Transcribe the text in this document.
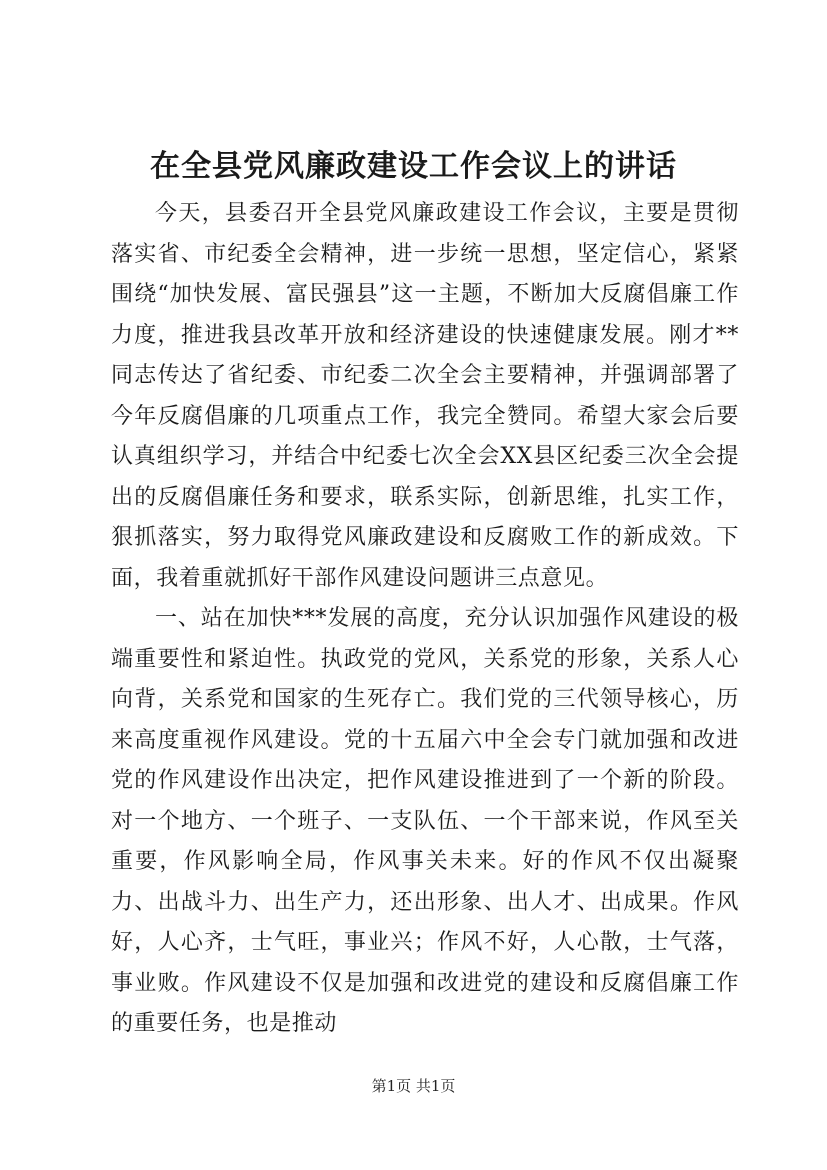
在全县党风廉政建设工作会议上的讲话

今天，县委召开全县党风廉政建设工作会议，主要是贯彻落实省、市纪委全会精神，进一步统一思想，坚定信心，紧紧围绕“加快发展、富民强县”这一主题，不断加大反腐倡廉工作力度，推进我县改革开放和经济建设的快速健康发展。刚才**同志传达了省纪委、市纪委二次全会主要精神，并强调部署了今年反腐倡廉的几项重点工作，我完全赞同。希望大家会后要认真组织学习，并结合中纪委七次全会XX县区纪委三次全会提出的反腐倡廉任务和要求，联系实际，创新思维，扎实工作，狠抓落实，努力取得党风廉政建设和反腐败工作的新成效。下面，我着重就抓好干部作风建设问题讲三点意见。

一、站在加快***发展的高度，充分认识加强作风建设的极端重要性和紧迫性。执政党的党风，关系党的形象，关系人心向背，关系党和国家的生死存亡。我们党的三代领导核心，历来高度重视作风建设。党的十五届六中全会专门就加强和改进党的作风建设作出决定，把作风建设推进到了一个新的阶段。对一个地方、一个班子、一支队伍、一个干部来说，作风至关重要，作风影响全局，作风事关未来。好的作风不仅出凝聚力、出战斗力、出生产力，还出形象、出人才、出成果。作风好，人心齐，士气旺，事业兴；作风不好，人心散，士气落，事业败。作风建设不仅是加强和改进党的建设和反腐倡廉工作的重要任务，也是推动

第1页 共1页
